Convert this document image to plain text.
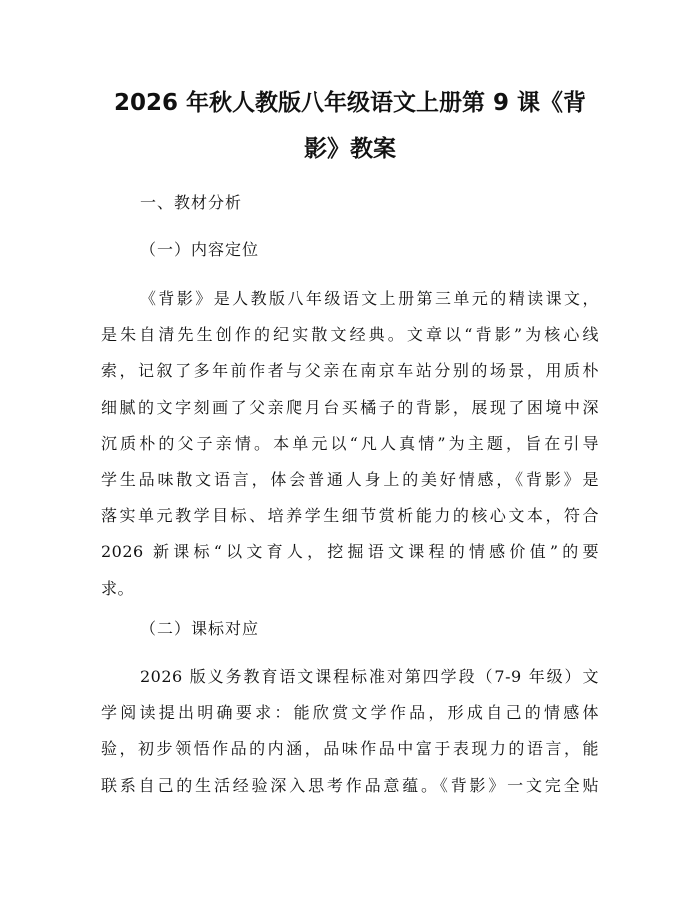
2026 年秋人教版八年级语文上册第 9 课《背
影》教案

一、教材分析

（一）内容定位

《背影》是人教版八年级语文上册第三单元的精读课文，
是朱自清先生创作的纪实散文经典。文章以“背影”为核心线
索，记叙了多年前作者与父亲在南京车站分别的场景，用质朴
细腻的文字刻画了父亲爬月台买橘子的背影，展现了困境中深
沉质朴的父子亲情。本单元以“凡人真情”为主题，旨在引导
学生品味散文语言，体会普通人身上的美好情感，《背影》是
落实单元教学目标、培养学生细节赏析能力的核心文本，符合
2026 新课标“以文育人，挖掘语文课程的情感价值”的要
求。

（二）课标对应

2026 版义务教育语文课程标准对第四学段（7-9 年级）文
学阅读提出明确要求：能欣赏文学作品，形成自己的情感体
验，初步领悟作品的内涵，品味作品中富于表现力的语言，能
联系自己的生活经验深入思考作品意蕴。《背影》一文完全贴
